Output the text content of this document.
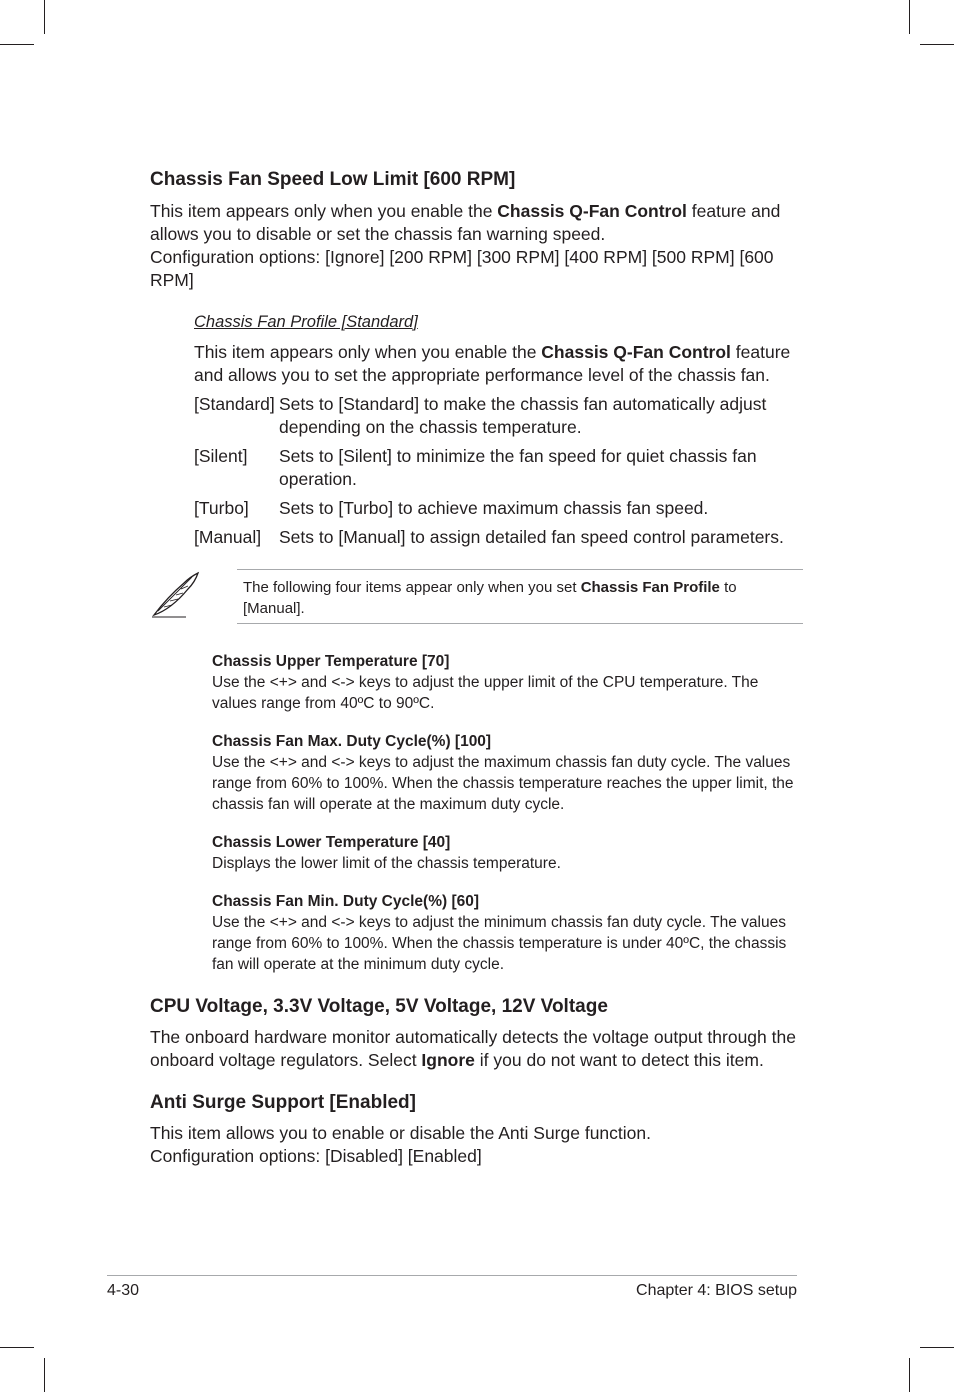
Chassis Fan Speed Low Limit [600 RPM]

This item appears only when you enable the Chassis Q-Fan Control feature and allows you to disable or set the chassis fan warning speed.

Configuration options: [Ignore] [200 RPM] [300 RPM] [400 RPM] [500 RPM] [600 RPM]

Chassis Fan Profile [Standard]

This item appears only when you enable the Chassis Q-Fan Control feature and allows you to set the appropriate performance level of the chassis fan.

[Standard] Sets to [Standard] to make the chassis fan automatically adjust depending on the chassis temperature.
[Silent]	Sets to [Silent] to minimize the fan speed for quiet chassis fan operation.
[Turbo]	Sets to [Turbo] to achieve maximum chassis fan speed.
[Manual]	Sets to [Manual] to assign detailed fan speed control parameters.
The following four items appear only when you set Chassis Fan Profile to [Manual].
Chassis Upper Temperature [70]
Use the <+> and <-> keys to adjust the upper limit of the CPU temperature. The values range from 40ºC to 90ºC.
Chassis Fan Max. Duty Cycle(%) [100]
Use the <+> and <-> keys to adjust the maximum chassis fan duty cycle. The values range from 60% to 100%. When the chassis temperature reaches the upper limit, the chassis fan will operate at the maximum duty cycle.
Chassis Lower Temperature [40]
Displays the lower limit of the chassis temperature.
Chassis Fan Min. Duty Cycle(%) [60]
Use the <+> and <-> keys to adjust the minimum chassis fan duty cycle. The values range from 60% to 100%. When the chassis temperature is under 40ºC, the chassis fan will operate at the minimum duty cycle.
CPU Voltage, 3.3V Voltage, 5V Voltage, 12V Voltage

The onboard hardware monitor automatically detects the voltage output through the onboard voltage regulators. Select Ignore if you do not want to detect this item.

Anti Surge Support [Enabled]

This item allows you to enable or disable the Anti Surge function.

Configuration options: [Disabled] [Enabled]

4-30	Chapter 4: BIOS setup
